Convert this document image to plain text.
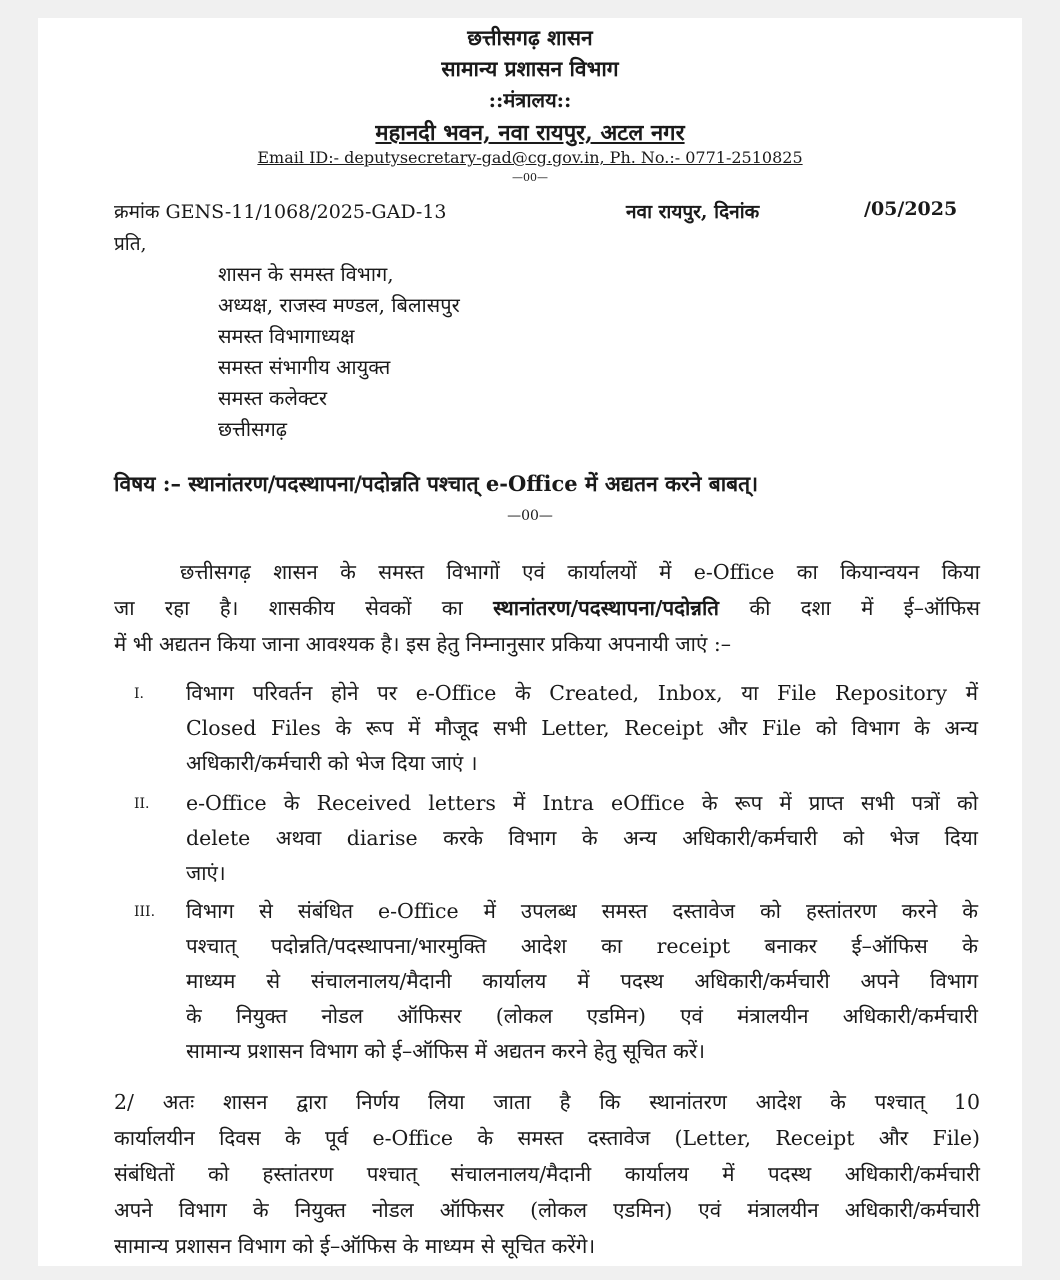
छत्तीसगढ़ शासन
सामान्य प्रशासन विभाग
::मंत्रालय::
महानदी भवन, नवा रायपुर, अटल नगर
Email ID:- deputysecretary-gad@cg.gov.in, Ph. No.:- 0771-2510825
—00—
क्रमांक GENS-11/1068/2025-GAD-13	नवा रायपुर, दिनांक	/05/2025
प्रति,
शासन के समस्त विभाग,
अध्यक्ष, राजस्व मण्डल, बिलासपुर
समस्त विभागाध्यक्ष
समस्त संभागीय आयुक्त
समस्त कलेक्टर
छत्तीसगढ़
विषय :– स्थानांतरण/पदस्थापना/पदोन्नति पश्चात् e-Office में अद्यतन करने बाबत्।
—00—
छत्तीसगढ़ शासन के समस्त विभागों एवं कार्यालयों में e-Office का कियान्वयन किया
जा रहा है। शासकीय सेवकों का स्थानांतरण/पदस्थापना/पदोन्नति की दशा में ई–ऑफिस
में भी अद्यतन किया जाना आवश्यक है। इस हेतु निम्नानुसार प्रकिया अपनायी जाएं :–
I. विभाग परिवर्तन होने पर e-Office के Created, Inbox, या File Repository में
Closed Files के रूप में मौजूद सभी Letter, Receipt और File को विभाग के अन्य
अधिकारी/कर्मचारी को भेज दिया जाएं ।
II. e-Office के Received letters में Intra eOffice के रूप में प्राप्त सभी पत्रों को
delete अथवा diarise करके विभाग के अन्य अधिकारी/कर्मचारी को भेज दिया
जाएं।
III. विभाग से संबंधित e-Office में उपलब्ध समस्त दस्तावेज को हस्तांतरण करने के
पश्चात् पदोन्नति/पदस्थापना/भारमुक्ति आदेश का receipt बनाकर ई–ऑफिस के
माध्यम से संचालनालय/मैदानी कार्यालय में पदस्थ अधिकारी/कर्मचारी अपने विभाग
के नियुक्त नोडल ऑफिसर (लोकल एडमिन) एवं मंत्रालयीन अधिकारी/कर्मचारी
सामान्य प्रशासन विभाग को ई–ऑफिस में अद्यतन करने हेतु सूचित करें।
2/ अतः शासन द्वारा निर्णय लिया जाता है कि स्थानांतरण आदेश के पश्चात् 10
कार्यालयीन दिवस के पूर्व e-Office के समस्त दस्तावेज (Letter, Receipt और File)
संबंधितों को हस्तांतरण पश्चात् संचालनालय/मैदानी कार्यालय में पदस्थ अधिकारी/कर्मचारी
अपने विभाग के नियुक्त नोडल ऑफिसर (लोकल एडमिन) एवं मंत्रालयीन अधिकारी/कर्मचारी
सामान्य प्रशासन विभाग को ई–ऑफिस के माध्यम से सूचित करेंगे।
